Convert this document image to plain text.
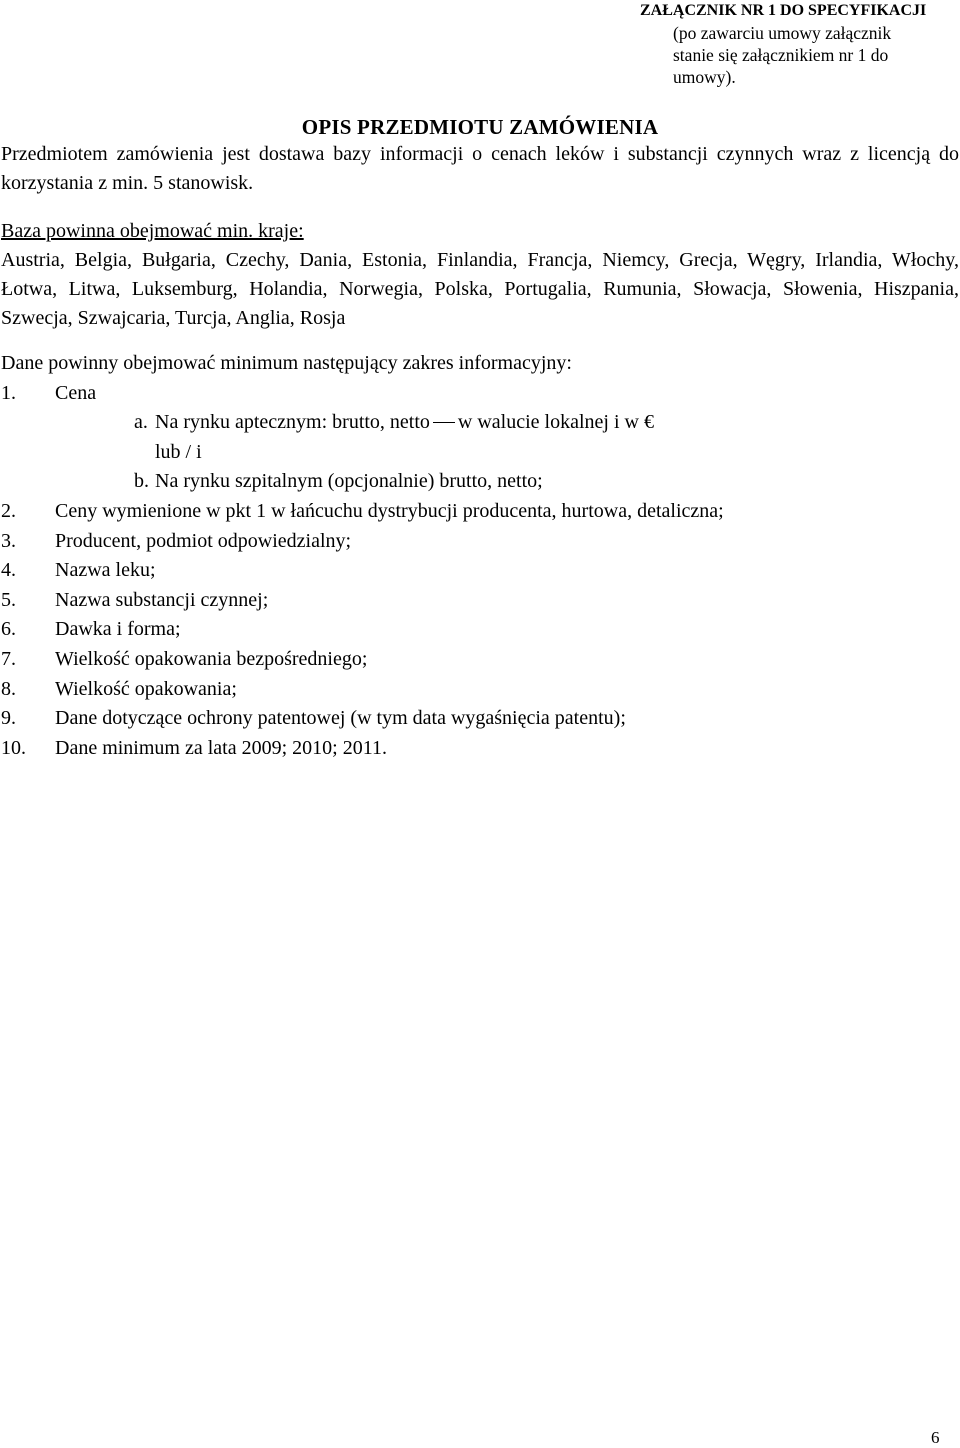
ZAŁĄCZNIK NR 1 DO SPECYFIKACJI
(po zawarciu umowy załącznik
stanie się załącznikiem nr 1 do
umowy).
OPIS PRZEDMIOTU ZAMÓWIENIA
Przedmiotem zamówienia jest dostawa bazy informacji o cenach leków i substancji czynnych wraz z licencją do korzystania z min. 5 stanowisk.
Baza powinna obejmować min. kraje:
Austria, Belgia, Bułgaria, Czechy, Dania, Estonia, Finlandia, Francja, Niemcy, Grecja, Węgry, Irlandia, Włochy, Łotwa, Litwa, Luksemburg, Holandia, Norwegia, Polska, Portugalia, Rumunia, Słowacja, Słowenia, Hiszpania, Szwecja, Szwajcaria, Turcja, Anglia, Rosja
Dane powinny obejmować minimum następujący zakres informacyjny:
1. Cena
a. Na rynku aptecznym: brutto, netto w walucie lokalnej i w €
lub / i
b. Na rynku szpitalnym (opcjonalnie) brutto, netto;
2. Ceny wymienione w pkt 1 w łańcuchu dystrybucji producenta, hurtowa, detaliczna;
3. Producent, podmiot odpowiedzialny;
4. Nazwa leku;
5. Nazwa substancji czynnej;
6. Dawka i forma;
7. Wielkość opakowania bezpośredniego;
8. Wielkość opakowania;
9. Dane dotyczące ochrony patentowej (w tym data wygaśnięcia patentu);
10. Dane minimum za lata 2009; 2010; 2011.
6
